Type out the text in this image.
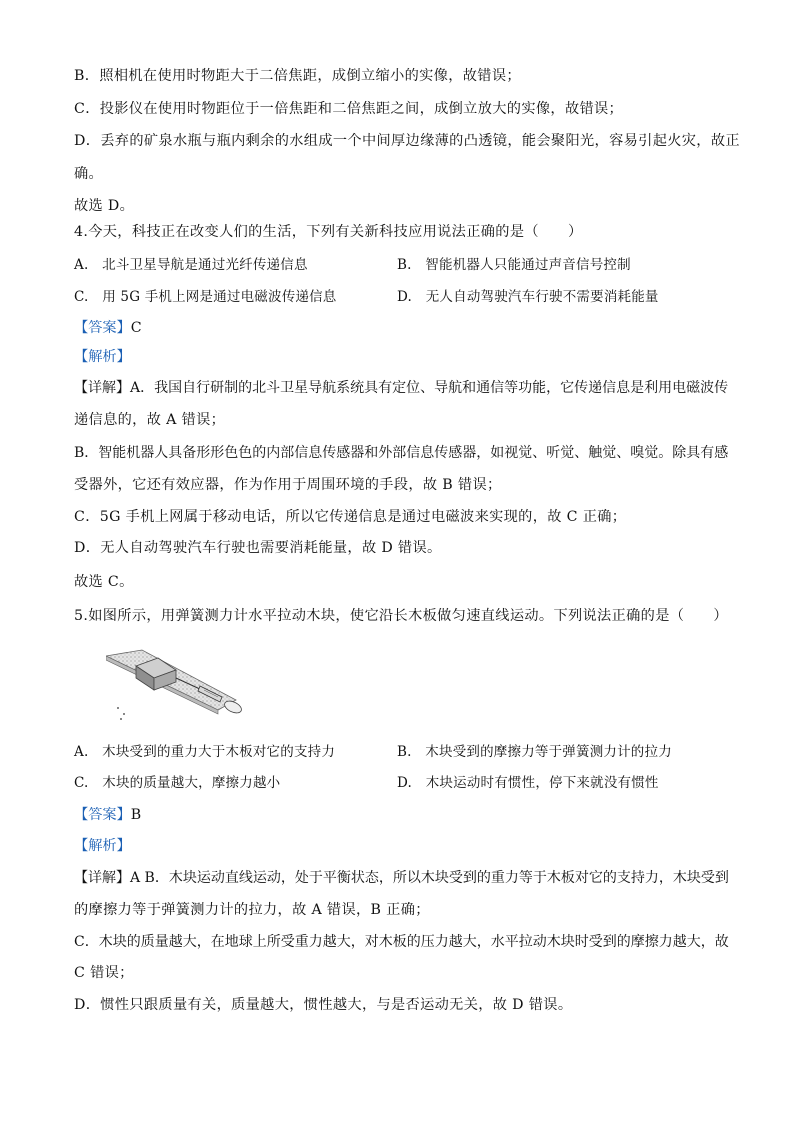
B．照相机在使用时物距大于二倍焦距，成倒立缩小的实像，故错误；
C．投影仪在使用时物距位于一倍焦距和二倍焦距之间，成倒立放大的实像，故错误；
D．丢弃的矿泉水瓶与瓶内剩余的水组成一个中间厚边缘薄的凸透镜，能会聚阳光，容易引起火灾，故正
确。
故选 D。
4.今天，科技正在改变人们的生活，下列有关新科技应用说法正确的是（　　）
A.　北斗卫星导航是通过光纤传递信息	B.　智能机器人只能通过声音信号控制
C.　用 5G 手机上网是通过电磁波传递信息	D.　无人自动驾驶汽车行驶不需要消耗能量
【答案】C
【解析】
【详解】A．我国自行研制的北斗卫星导航系统具有定位、导航和通信等功能，它传递信息是利用电磁波传
递信息的，故 A 错误；
B．智能机器人具备形形色色的内部信息传感器和外部信息传感器，如视觉、听觉、触觉、嗅觉。除具有感
受器外，它还有效应器，作为作用于周围环境的手段，故 B 错误；
C．5G 手机上网属于移动电话，所以它传递信息是通过电磁波来实现的，故 C 正确；
D．无人自动驾驶汽车行驶也需要消耗能量，故 D 错误。
故选 C。
5.如图所示，用弹簧测力计水平拉动木块，使它沿长木板做匀速直线运动。下列说法正确的是（　　）
A.　木块受到的重力大于木板对它的支持力	B.　木块受到的摩擦力等于弹簧测力计的拉力
C.　木块的质量越大，摩擦力越小	D.　木块运动时有惯性，停下来就没有惯性
【答案】B
【解析】
【详解】A B．木块运动直线运动，处于平衡状态，所以木块受到的重力等于木板对它的支持力，木块受到
的摩擦力等于弹簧测力计的拉力，故 A 错误，B 正确；
C．木块的质量越大，在地球上所受重力越大，对木板的压力越大，水平拉动木块时受到的摩擦力越大，故
C 错误；
D．惯性只跟质量有关，质量越大，惯性越大，与是否运动无关，故 D 错误。
